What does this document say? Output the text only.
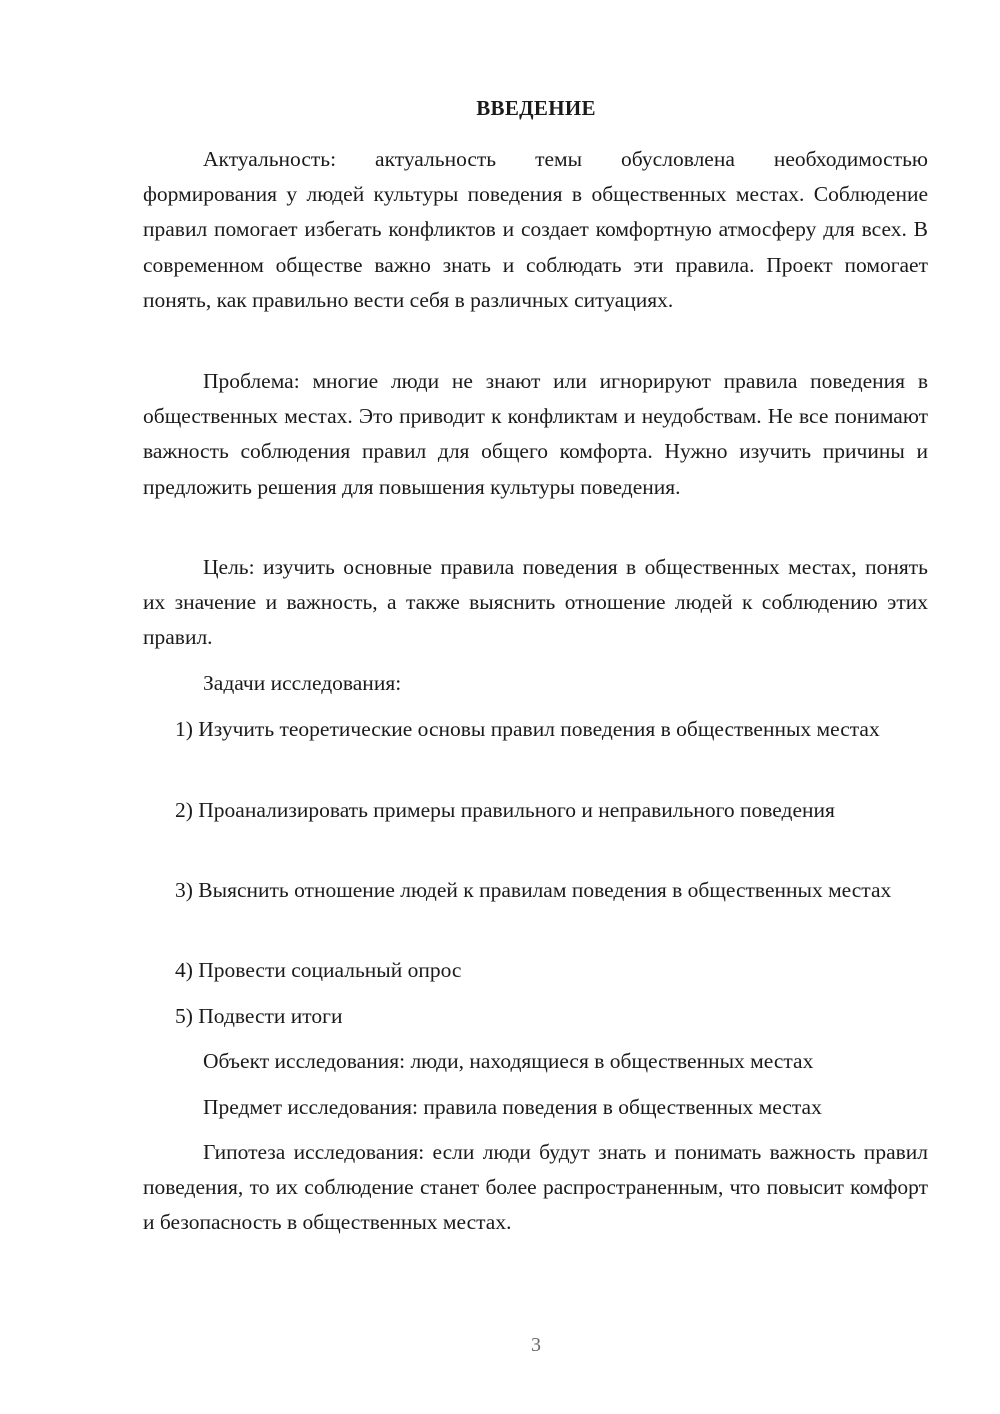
ВВЕДЕНИЕ

Актуальность: актуальность темы обусловлена необходимостью формирования у людей культуры поведения в общественных местах. Соблюдение правил помогает избегать конфликтов и создает комфортную атмосферу для всех. В современном обществе важно знать и соблюдать эти правила. Проект помогает понять, как правильно вести себя в различных ситуациях.

Проблема: многие люди не знают или игнорируют правила поведения в общественных местах. Это приводит к конфликтам и неудобствам. Не все понимают важность соблюдения правил для общего комфорта. Нужно изучить причины и предложить решения для повышения культуры поведения.

Цель: изучить основные правила поведения в общественных местах, понять их значение и важность, а также выяснить отношение людей к соблюдению этих правил.

Задачи исследования:

1) Изучить теоретические основы правил поведения в общественных местах

2) Проанализировать примеры правильного и неправильного поведения

3) Выяснить отношение людей к правилам поведения в общественных местах

4) Провести социальный опрос

5) Подвести итоги

Объект исследования: люди, находящиеся в общественных местах

Предмет исследования: правила поведения в общественных местах

Гипотеза исследования: если люди будут знать и понимать важность правил поведения, то их соблюдение станет более распространенным, что повысит комфорт и безопасность в общественных местах.

3
